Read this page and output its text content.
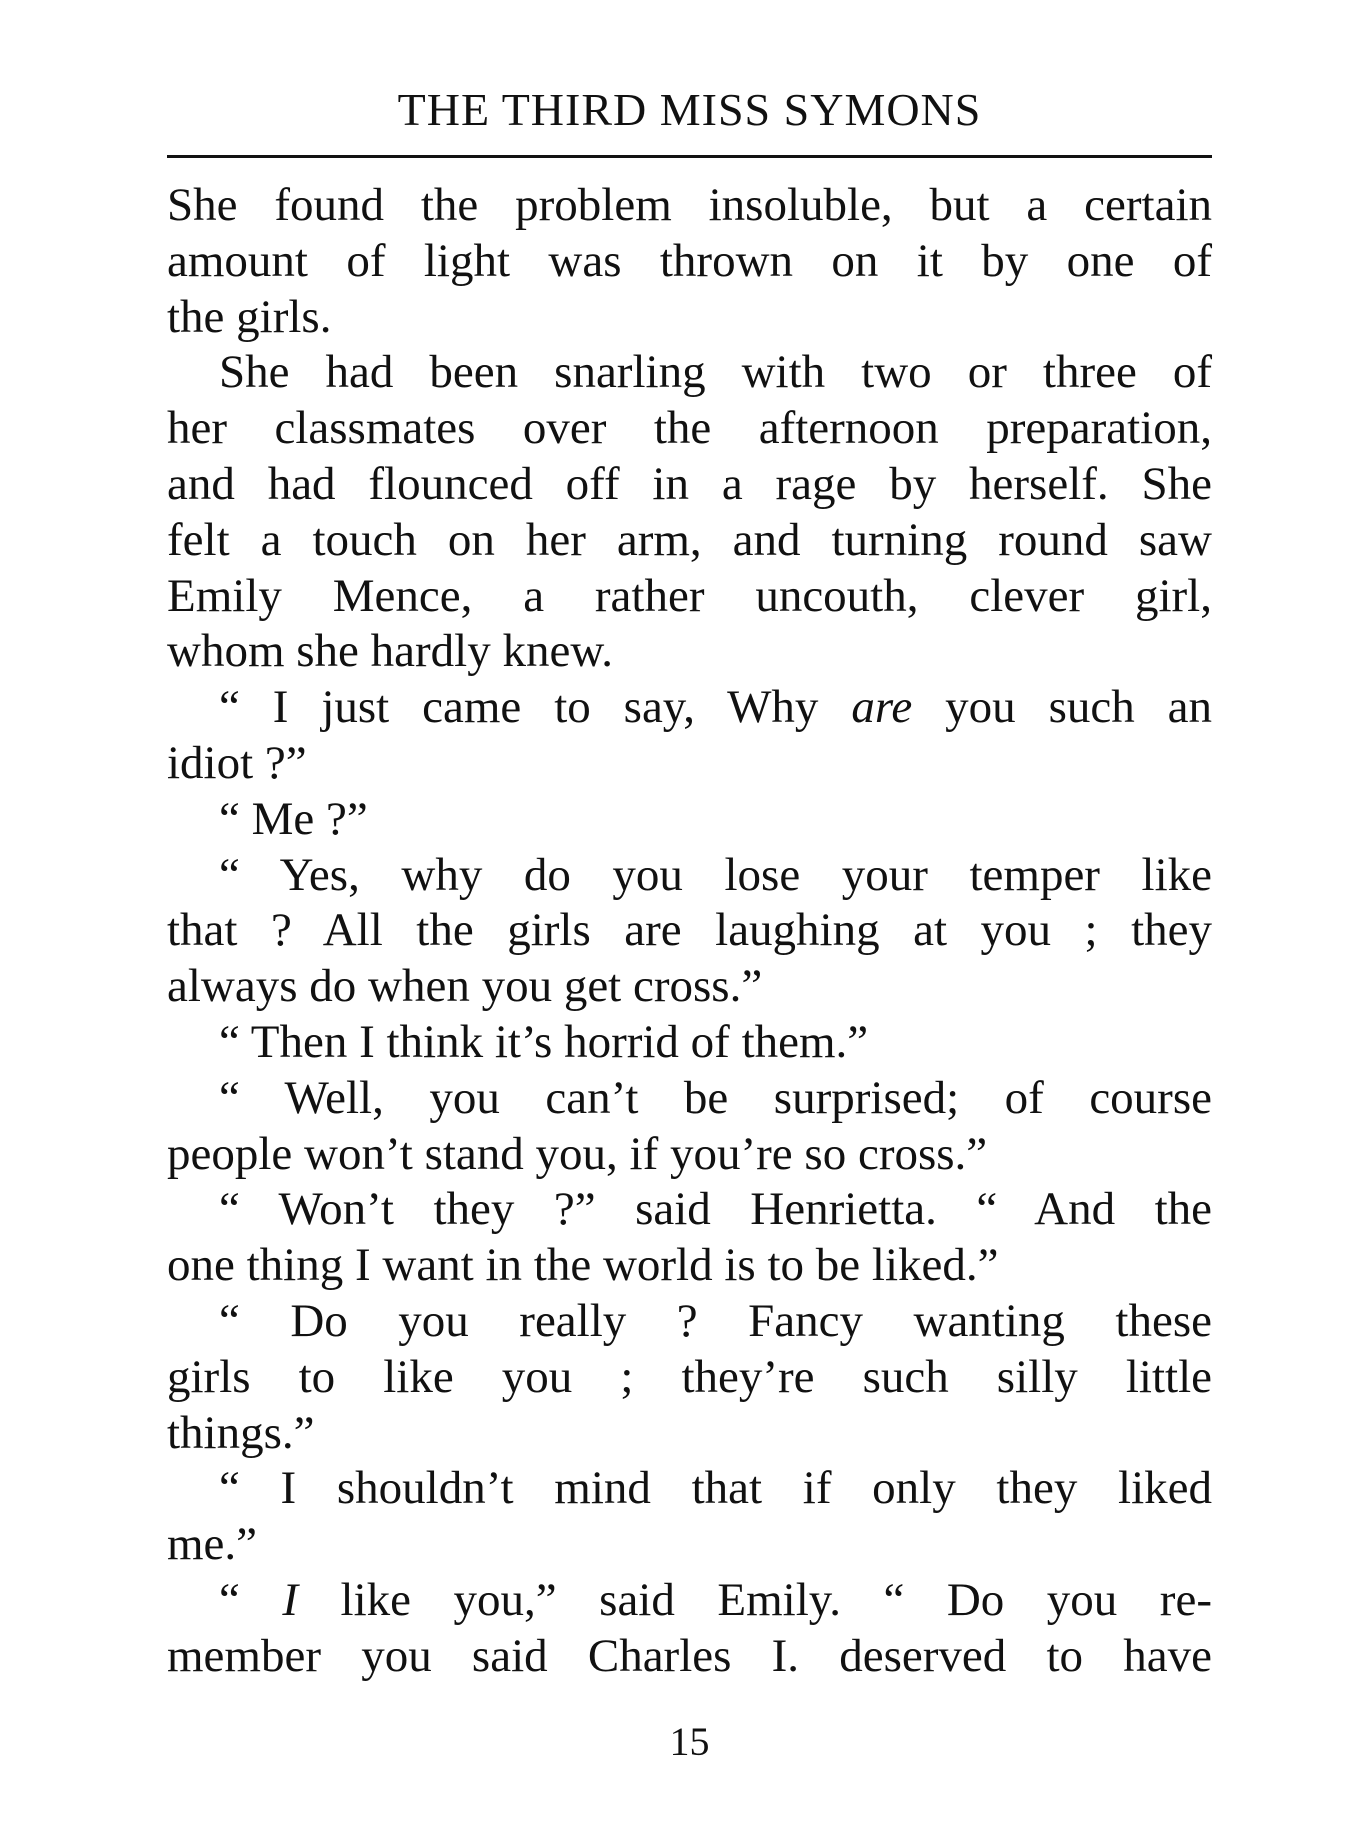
THE THIRD MISS SYMONS
She found the problem insoluble, but a certain
amount of light was thrown on it by one of
the girls.
She had been snarling with two or three of
her classmates over the afternoon preparation,
and had flounced off in a rage by herself. She
felt a touch on her arm, and turning round saw
Emily Mence, a rather uncouth, clever girl,
whom she hardly knew.
“ I just came to say, Why are you such an
idiot ?”
“ Me ?”
“ Yes, why do you lose your temper like
that ? All the girls are laughing at you ; they
always do when you get cross.”
“ Then I think it’s horrid of them.”
“ Well, you can’t be surprised; of course
people won’t stand you, if you’re so cross.”
“ Won’t they ?” said Henrietta. “ And the
one thing I want in the world is to be liked.”
“ Do you really ? Fancy wanting these
girls to like you ; they’re such silly little
things.”
“ I shouldn’t mind that if only they liked
me.”
“ I like you,” said Emily. “ Do you re-
member you said Charles I. deserved to have
15
